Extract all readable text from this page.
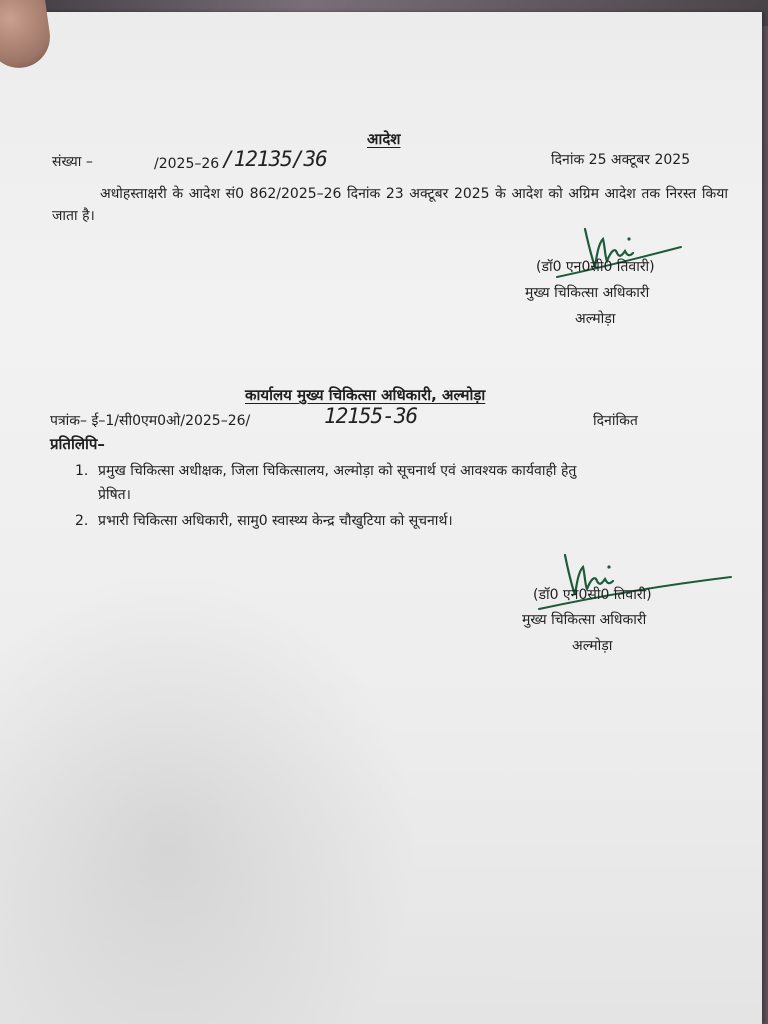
आदेश
संख्या –	/2025–26 /12135/36	दिनांक 25 अक्टूबर 2025
अधोहस्ताक्षरी के आदेश सं0 862/2025–26 दिनांक 23 अक्टूबर 2025 के आदेश को अग्रिम आदेश तक निरस्त किया जाता है।
(डॉ0 एन0सी0 तिवारी)
मुख्य चिकित्सा अधिकारी
अल्मोड़ा
कार्यालय मुख्य चिकित्सा अधिकारी, अल्मोड़ा
पत्रांक– ई–1/सी0एम0ओ/2025–26/	12155-36	दिनांकित
प्रतिलिपि–
1. प्रमुख चिकित्सा अधीक्षक, जिला चिकित्सालय, अल्मोड़ा को सूचनार्थ एवं आवश्यक कार्यवाही हेतु
प्रेषित।
2. प्रभारी चिकित्सा अधिकारी, सामु0 स्वास्थ्य केन्द्र चौखुटिया को सूचनार्थ।
(डॉ0 एन0सी0 तिवारी)
मुख्य चिकित्सा अधिकारी
अल्मोड़ा
